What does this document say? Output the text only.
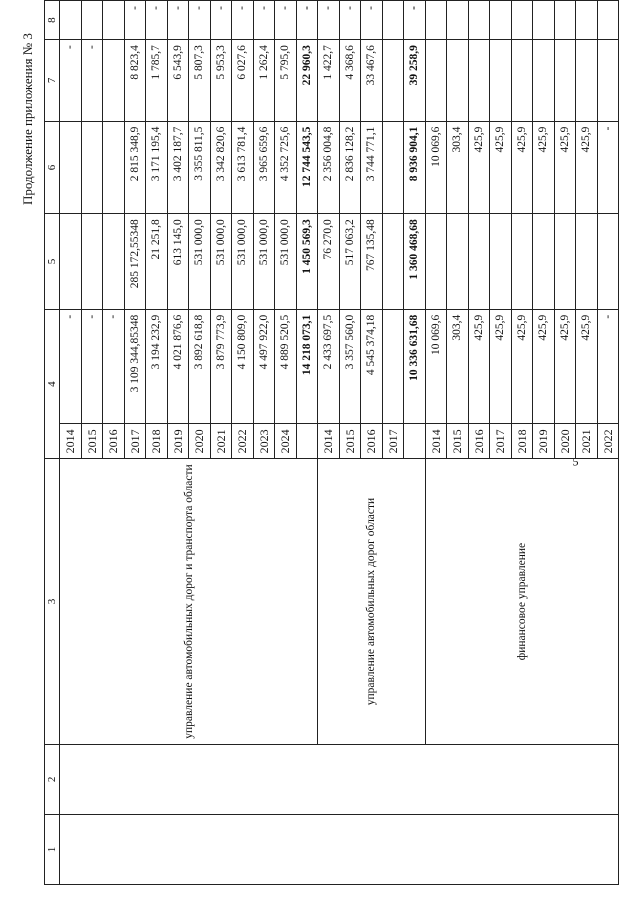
5
Продолжение приложения № 3
1	2	3	4		5	6	7	8
		управление автомобильных дорог и транспорта области	2014	-			-	
			2015	-			-	
			2016	-				
			2017	3 109 344,85348	285 172,55348	2 815 348,9	8 823,4	-
			2018	3 194 232,9	21 251,8	3 171 195,4	1 785,7	-
			2019	4 021 876,6	613 145,0	3 402 187,7	6 543,9	-
			2020	3 892 618,8	531 000,0	3 355 811,5	5 807,3	-
			2021	3 879 773,9	531 000,0	3 342 820,6	5 953,3	-
			2022	4 150 809,0	531 000,0	3 613 781,4	6 027,6	-
			2023	4 497 922,0	531 000,0	3 965 659,6	1 262,4	-
			2024	4 889 520,5	531 000,0	4 352 725,6	5 795,0	-
				14 218 073,1	1 450 569,3	12 744 543,5	22 960,3	-
		управление автомобильных дорог области	2014	2 433 697,5	76 270,0	2 356 004,8	1 422,7	-
			2015	3 357 560,0	517 063,2	2 836 128,2	4 368,6	-
			2016	4 545 374,18	767 135,48	3 744 771,1	33 467,6	-
			2017					
				10 336 631,68	1 360 468,68	8 936 904,1	39 258,9	-
		финансовое управление	2014	10 069,6		10 069,6		
			2015	303,4		303,4		
			2016	425,9		425,9		
			2017	425,9		425,9		
			2018	425,9		425,9		
			2019	425,9		425,9		
			2020	425,9		425,9		
			2021	425,9		425,9		
			2022	-		-		
